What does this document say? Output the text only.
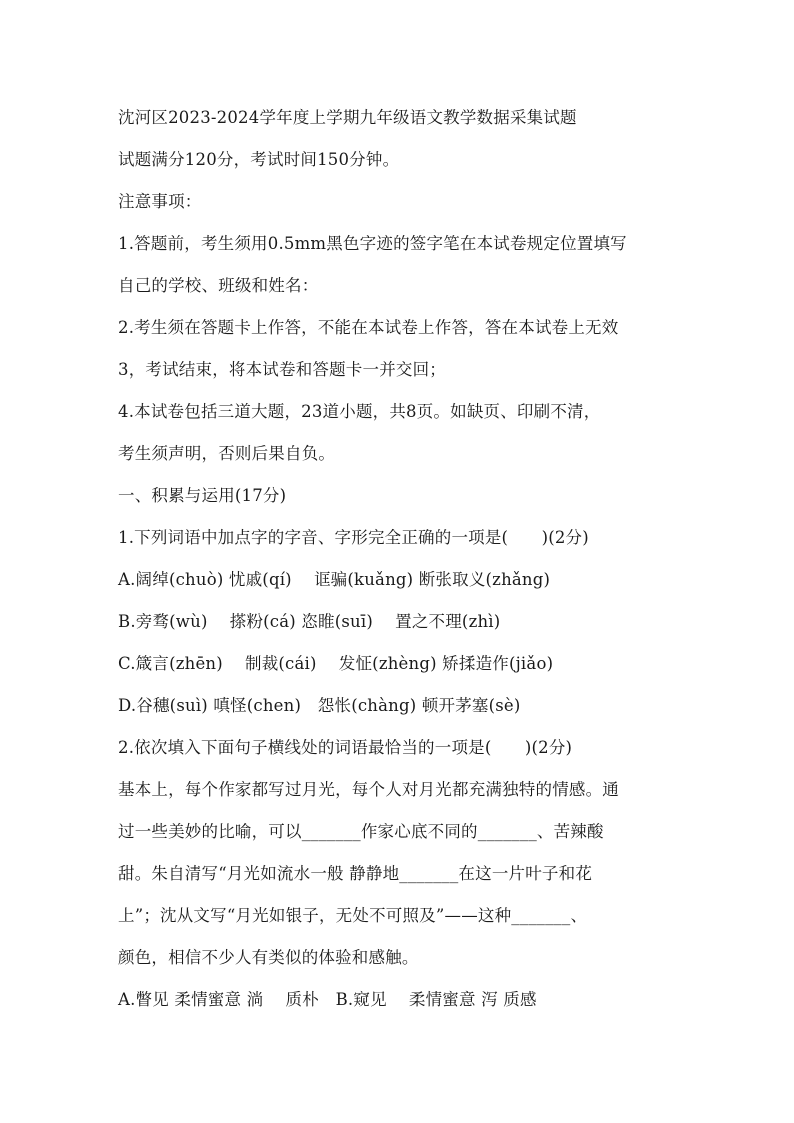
沈河区2023-2024学年度上学期九年级语文教学数据采集试题
试题满分120分，考试时间150分钟。
注意事项：
1.答题前，考生须用0.5mm黑色字迹的签字笔在本试卷规定位置填写
自己的学校、班级和姓名：
2.考生须在答题卡上作答，不能在本试卷上作答，答在本试卷上无效
3，考试结束，将本试卷和答题卡一并交回；
4.本试卷包括三道大题，23道小题，共8页。如缺页、印刷不清，
考生须声明，否则后果自负。
一、积累与运用(17分)
1.下列词语中加点字的字音、字形完全正确的一项是(　　)(2分)
A.阔绰(chuò) 忧戚(qí)　 诓骗(kuǎng) 断张取义(zhǎng)
B.旁骛(wù)　 搽粉(cá) 恣睢(suī)　 置之不理(zhì)
C.箴言(zhēn)　 制裁(cái)　 发怔(zhèng) 矫揉造作(jiǎo)
D.谷穗(suì) 嗔怪(chen)　怨怅(chàng) 顿开茅塞(sè)
2.依次填入下面句子横线处的词语最恰当的一项是(　　)(2分)
基本上，每个作家都写过月光，每个人对月光都充满独特的情感。通
过一些美妙的比喻，可以_______作家心底不同的_______、苦辣酸
甜。朱自清写“月光如流水一般 静静地_______在这一片叶子和花
上”；沈从文写“月光如银子，无处不可照及”——这种_______、
颜色，相信不少人有类似的体验和感触。
A.瞥见 柔情蜜意 淌　 质朴　B.窥见　 柔情蜜意 泻 质感
